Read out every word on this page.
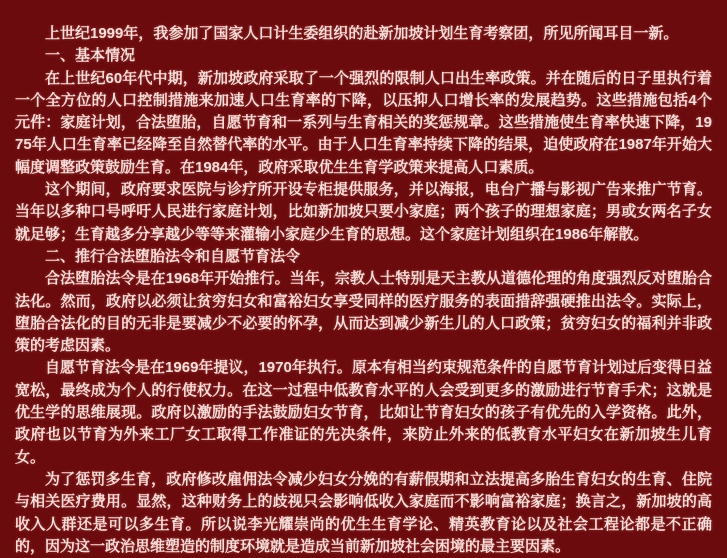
上世纪1999年，我参加了国家人口计生委组织的赴新加坡计划生育考察团，所见所闻耳目一新。

一、基本情况

在上世纪60年代中期，新加坡政府采取了一个强烈的限制人口出生率政策。并在随后的日子里执行着一个全方位的人口控制措施来加速人口生育率的下降，以压抑人口增长率的发展趋势。这些措施包括4个元件：家庭计划，合法堕胎，自愿节育和一系列与生育相关的奖惩规章。这些措施使生育率快速下降，1975年人口生育率已经降至自然替代率的水平。由于人口生育率持续下降的结果，迫使政府在1987年开始大幅度调整政策鼓励生育。在1984年，政府采取优生生育学政策来提高人口素质。

这个期间，政府要求医院与诊疗所开设专柜提供服务，并以海报，电台广播与影视广告来推广节育。当年以多种口号呼吁人民进行家庭计划，比如新加坡只要小家庭；两个孩子的理想家庭；男或女两名子女就足够；生育越多分享越少等等来灌输小家庭少生育的思想。这个家庭计划组织在1986年解散。

二、推行合法堕胎法令和自愿节育法令

合法堕胎法令是在1968年开始推行。当年，宗教人士特别是天主教从道德伦理的角度强烈反对堕胎合法化。然而，政府以必须让贫穷妇女和富裕妇女享受同样的医疗服务的表面措辞强硬推出法令。实际上，堕胎合法化的目的无非是要减少不必要的怀孕，从而达到减少新生儿的人口政策；贫穷妇女的福利并非政策的考虑因素。

自愿节育法令是在1969年提议，1970年执行。原本有相当约束规范条件的自愿节育计划过后变得日益宽松，最终成为个人的行使权力。在这一过程中低教育水平的人会受到更多的激励进行节育手术；这就是优生学的思维展现。政府以激励的手法鼓励妇女节育，比如让节育妇女的孩子有优先的入学资格。此外，政府也以节育为外来工厂女工取得工作准证的先决条件，来防止外来的低教育水平妇女在新加坡生儿育女。

为了惩罚多生育，政府修改雇佣法令减少妇女分娩的有薪假期和立法提高多胎生育妇女的生育、住院与相关医疗费用。显然，这种财务上的歧视只会影响低收入家庭而不影响富裕家庭；换言之，新加坡的高收入人群还是可以多生育。所以说李光耀崇尚的优生生育学论、精英教育论以及社会工程论都是不正确的，因为这一政治思维塑造的制度环境就是造成当前新加坡社会困境的最主要因素。
